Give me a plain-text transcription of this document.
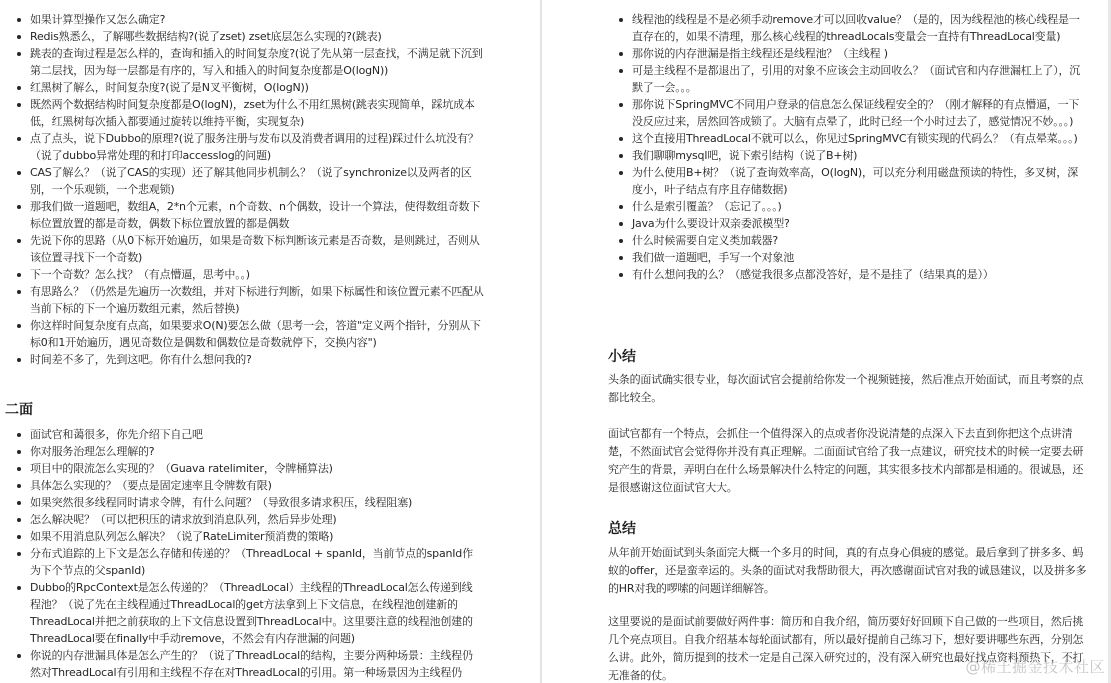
如果计算型操作又怎么确定?
Redis熟悉么，了解哪些数据结构?(说了zset) zset底层怎么实现的?(跳表)
跳表的查询过程是怎么样的，查询和插入的时间复杂度?(说了先从第一层查找，不满足就下沉到第二层找，因为每一层都是有序的，写入和插入的时间复杂度都是O(logN))
红黑树了解么，时间复杂度?(说了是N叉平衡树，O(logN))
既然两个数据结构时间复杂度都是O(logN)，zset为什么不用红黑树(跳表实现简单，踩坑成本低，红黑树每次插入都要通过旋转以维持平衡，实现复杂)
点了点头，说下Dubbo的原理?(说了服务注册与发布以及消费者调用的过程)踩过什么坑没有？（说了dubbo异常处理的和打印accesslog的问题)
CAS了解么？（说了CAS的实现）还了解其他同步机制么？（说了synchronize以及两者的区别，一个乐观锁，一个悲观锁)
那我们做一道题吧，数组A，2*n个元素，n个奇数、n个偶数，设计一个算法，使得数组奇数下标位置放置的都是奇数，偶数下标位置放置的都是偶数
先说下你的思路（从0下标开始遍历，如果是奇数下标判断该元素是否奇数，是则跳过，否则从该位置寻找下一个奇数)
下一个奇数？怎么找？（有点懵逼，思考中。。)
有思路么？（仍然是先遍历一次数组，并对下标进行判断，如果下标属性和该位置元素不匹配从当前下标的下一个遍历数组元素，然后替换)
你这样时间复杂度有点高，如果要求O(N)要怎么做（思考一会，答道"定义两个指针，分别从下标0和1开始遍历，遇见奇数位是偶数和偶数位是奇数就停下，交换内容")
时间差不多了，先到这吧。你有什么想问我的?
二面
面试官和蔼很多，你先介绍下自己吧
你对服务治理怎么理解的?
项目中的限流怎么实现的？（Guava ratelimiter，令牌桶算法)
具体怎么实现的？（要点是固定速率且令牌数有限)
如果突然很多线程同时请求令牌，有什么问题？（导致很多请求积压，线程阻塞)
怎么解决呢？（可以把积压的请求放到消息队列，然后异步处理)
如果不用消息队列怎么解决？（说了RateLimiter预消费的策略)
分布式追踪的上下文是怎么存储和传递的？（ThreadLocal + spanId，当前节点的spanId作为下个节点的父spanId)
Dubbo的RpcContext是怎么传递的？（ThreadLocal）主线程的ThreadLocal怎么传递到线程池？（说了先在主线程通过ThreadLocal的get方法拿到上下文信息，在线程池创建新的ThreadLocal并把之前获取的上下文信息设置到ThreadLocal中。这里要注意的线程池创建的ThreadLocal要在finally中手动remove，不然会有内存泄漏的问题)
你说的内存泄漏具体是怎么产生的？（说了ThreadLocal的结构，主要分两种场景：主线程仍然对ThreadLocal有引用和主线程不存在对ThreadLocal的引用。第一种场景因为主线程仍
线程池的线程是不是必须手动remove才可以回收value？（是的，因为线程池的核心线程是一直存在的，如果不清理，那么核心线程的threadLocals变量会一直持有ThreadLocal变量)
那你说的内存泄漏是指主线程还是线程池？（主线程 )
可是主线程不是都退出了，引用的对象不应该会主动回收么？（面试官和内存泄漏杠上了），沉默了一会。。。
那你说下SpringMVC不同用户登录的信息怎么保证线程安全的？（刚才解释的有点懵逼，一下没反应过来，居然回答成锁了。大脑有点晕了，此时已经一个小时过去了，感觉情况不妙。。。)
这个直接用ThreadLocal不就可以么，你见过SpringMVC有锁实现的代码么？（有点晕菜。。。)
我们聊聊mysql吧，说下索引结构（说了B+树)
为什么使用B+树？（说了查询效率高，O(logN)，可以充分利用磁盘预读的特性，多叉树，深度小，叶子结点有序且存储数据)
什么是索引覆盖？（忘记了。。。)
Java为什么要设计双亲委派模型?
什么时候需要自定义类加载器?
我们做一道题吧，手写一个对象池
有什么想问我的么？（感觉我很多点都没答好，是不是挂了（结果真的是））
小结

头条的面试确实很专业，每次面试官会提前给你发一个视频链接，然后准点开始面试，而且考察的点都比较全。

面试官都有一个特点，会抓住一个值得深入的点或者你没说清楚的点深入下去直到你把这个点讲清楚，不然面试官会觉得你并没有真正理解。二面面试官给了我一点建议，研究技术的时候一定要去研究产生的背景，弄明白在什么场景解决什么特定的问题，其实很多技术内部都是相通的。很诚恳，还是很感谢这位面试官大大。

总结

从年前开始面试到头条面完大概一个多月的时间，真的有点身心俱疲的感觉。最后拿到了拼多多、蚂蚁的offer，还是蛮幸运的。头条的面试对我帮助很大，再次感谢面试官对我的诚恳建议，以及拼多多的HR对我的啰嗦的问题详细解答。

这里要说的是面试前要做好两件事：简历和自我介绍，简历要好好回顾下自己做的一些项目，然后挑几个亮点项目。自我介绍基本每轮面试都有，所以最好提前自己练习下，想好要讲哪些东西，分别怎么讲。此外，简历提到的技术一定是自己深入研究过的，没有深入研究也最好找点资料预热下，不打无准备的仗。	@稀土掘金技术社区
